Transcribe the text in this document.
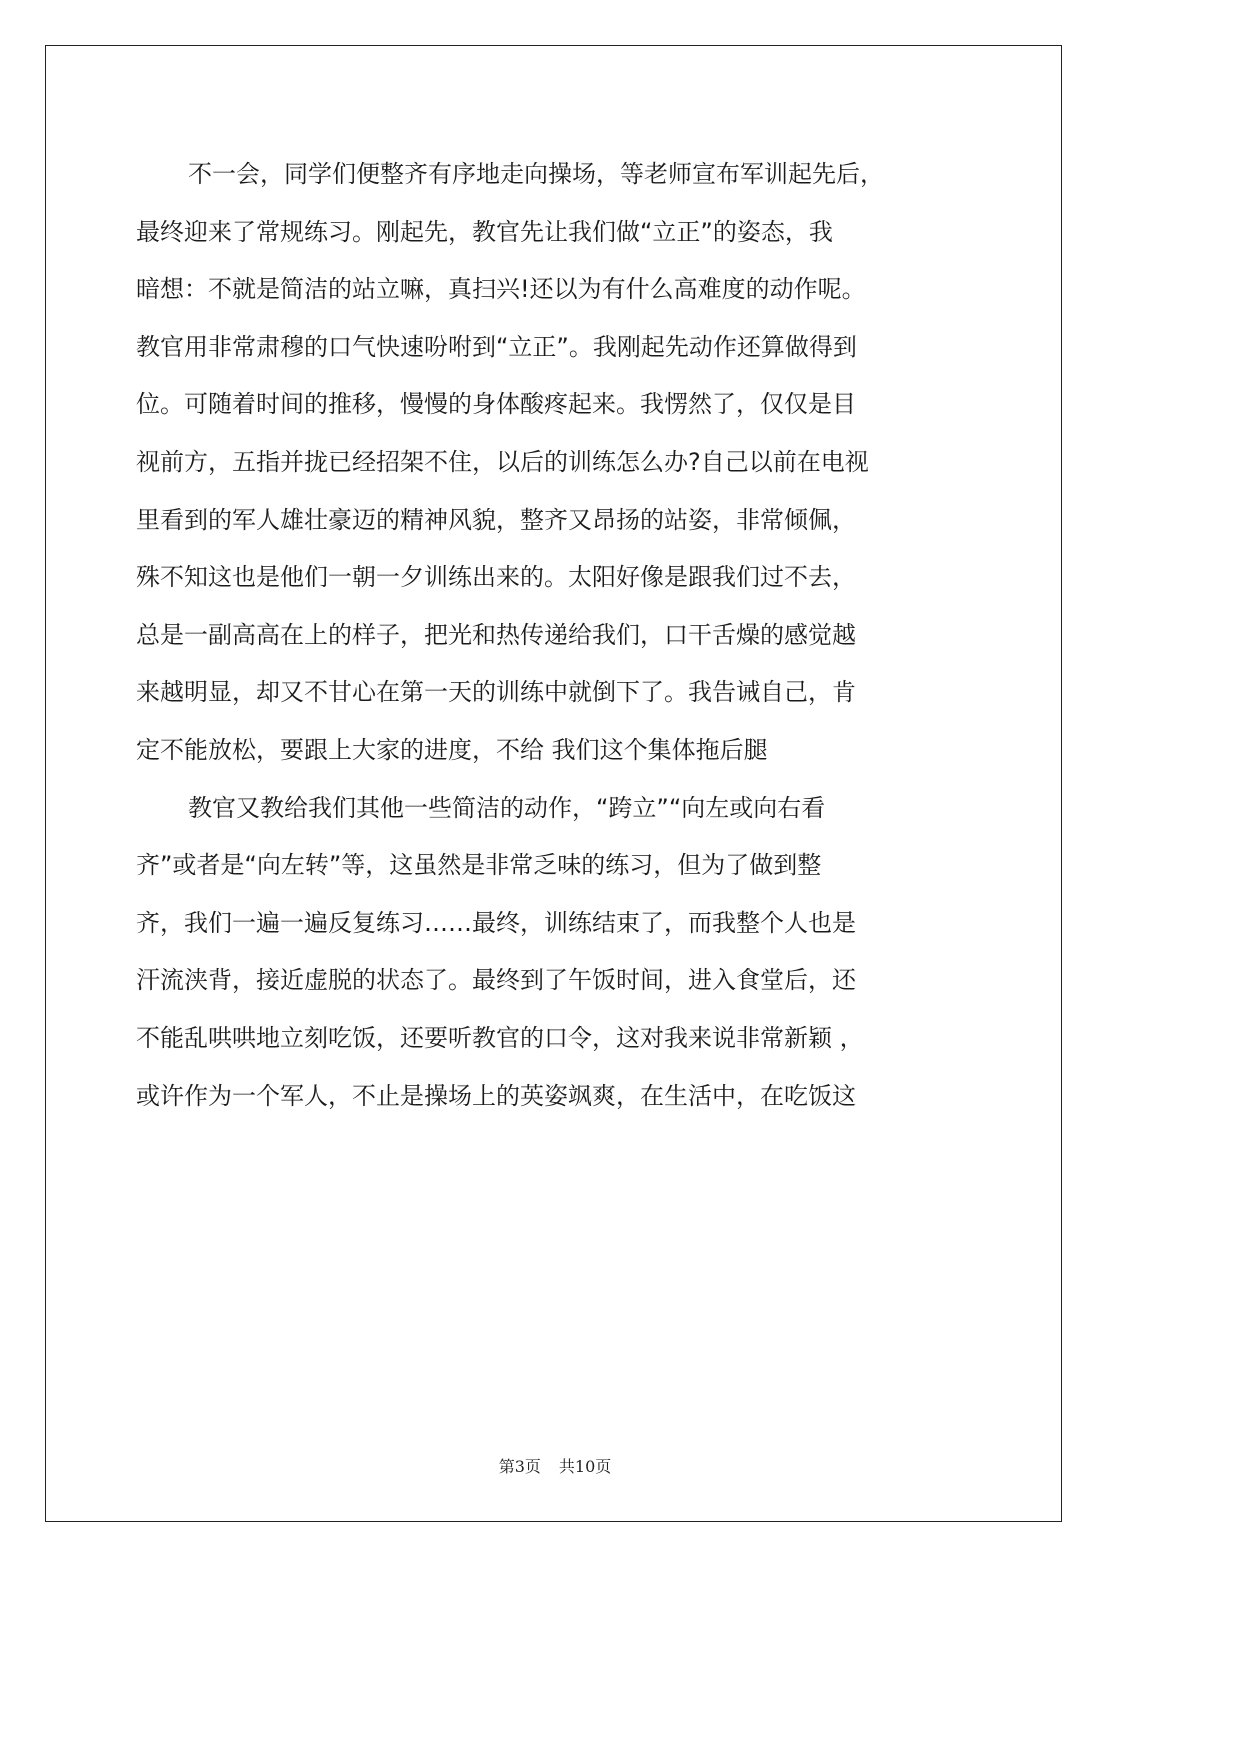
不一会，同学们便整齐有序地走向操场，等老师宣布军训起先后，
最终迎来了常规练习。刚起先，教官先让我们做“立正”的姿态，我
暗想：不就是简洁的站立嘛，真扫兴!还以为有什么高难度的动作呢。
教官用非常肃穆的口气快速吩咐到“立正”。我刚起先动作还算做得到
位。可随着时间的推移，慢慢的身体酸疼起来。我愣然了，仅仅是目
视前方，五指并拢已经招架不住，以后的训练怎么办?自己以前在电视
里看到的军人雄壮豪迈的精神风貌，整齐又昂扬的站姿，非常倾佩，
殊不知这也是他们一朝一夕训练出来的。太阳好像是跟我们过不去，
总是一副高高在上的样子，把光和热传递给我们，口干舌燥的感觉越
来越明显，却又不甘心在第一天的训练中就倒下了。我告诫自己，肯
定不能放松，要跟上大家的进度，不给 我们这个集体拖后腿
教官又教给我们其他一些简洁的动作，“跨立”“向左或向右看
齐”或者是“向左转”等，这虽然是非常乏味的练习，但为了做到整
齐，我们一遍一遍反复练习……最终，训练结束了，而我整个人也是
汗流浃背，接近虚脱的状态了。最终到了午饭时间，进入食堂后，还
不能乱哄哄地立刻吃饭，还要听教官的口令，这对我来说非常新颖 ，
或许作为一个军人，不止是操场上的英姿飒爽，在生活中，在吃饭这
第3页 共10页
